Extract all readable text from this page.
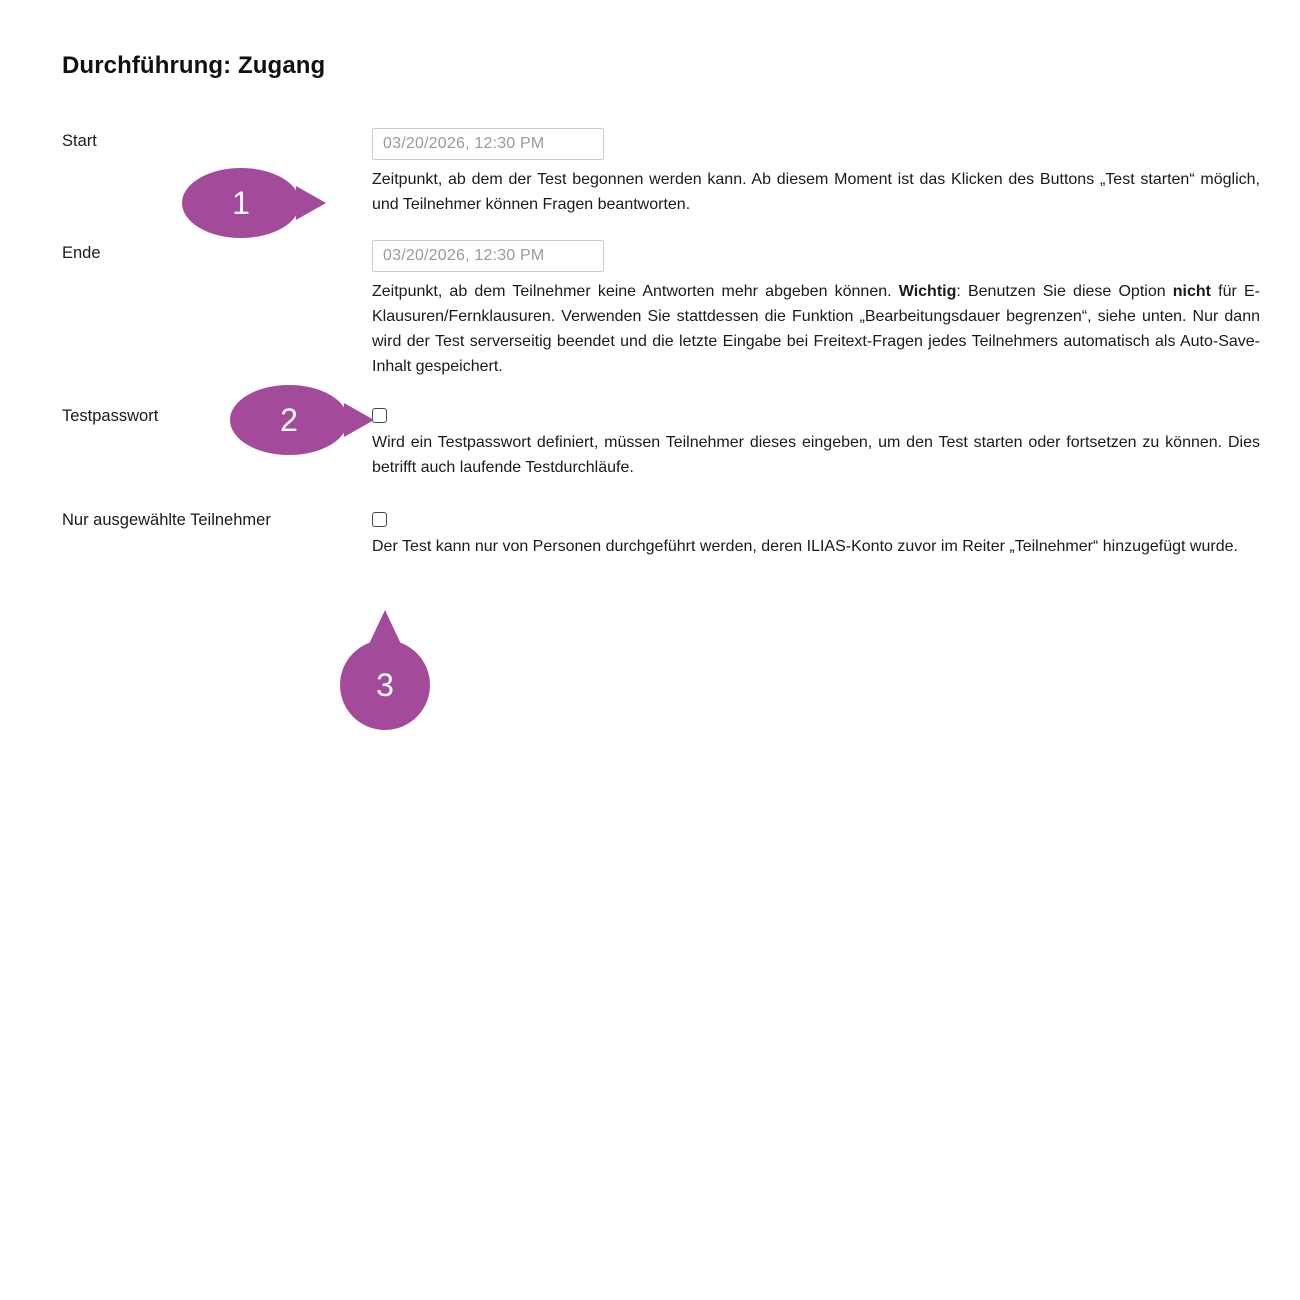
Durchführung: Zugang
Start	03/20/2026, 12:30 PM
Zeitpunkt, ab dem der Test begonnen werden kann. Ab diesem Moment ist das Klicken des Buttons „Test starten“ möglich, und Teilnehmer können Fragen beantworten.
Ende	03/20/2026, 12:30 PM
Zeitpunkt, ab dem Teilnehmer keine Antworten mehr abgeben können. Wichtig: Benutzen Sie diese Option nicht für E-Klausuren/Fernklausuren. Verwenden Sie stattdessen die Funktion „Bearbeitungsdauer begrenzen“, siehe unten. Nur dann wird der Test serverseitig beendet und die letzte Eingabe bei Freitext-Fragen jedes Teilnehmers automatisch als Auto-Save-Inhalt gespeichert.
Testpasswort
Wird ein Testpasswort definiert, müssen Teilnehmer dieses eingeben, um den Test starten oder fortsetzen zu können. Dies betrifft auch laufende Testdurchläufe.
Nur ausgewählte Teilnehmer
Der Test kann nur von Personen durchgeführt werden, deren ILIAS-Konto zuvor im Reiter „Teilnehmer“ hinzugefügt wurde.
1
2
3
